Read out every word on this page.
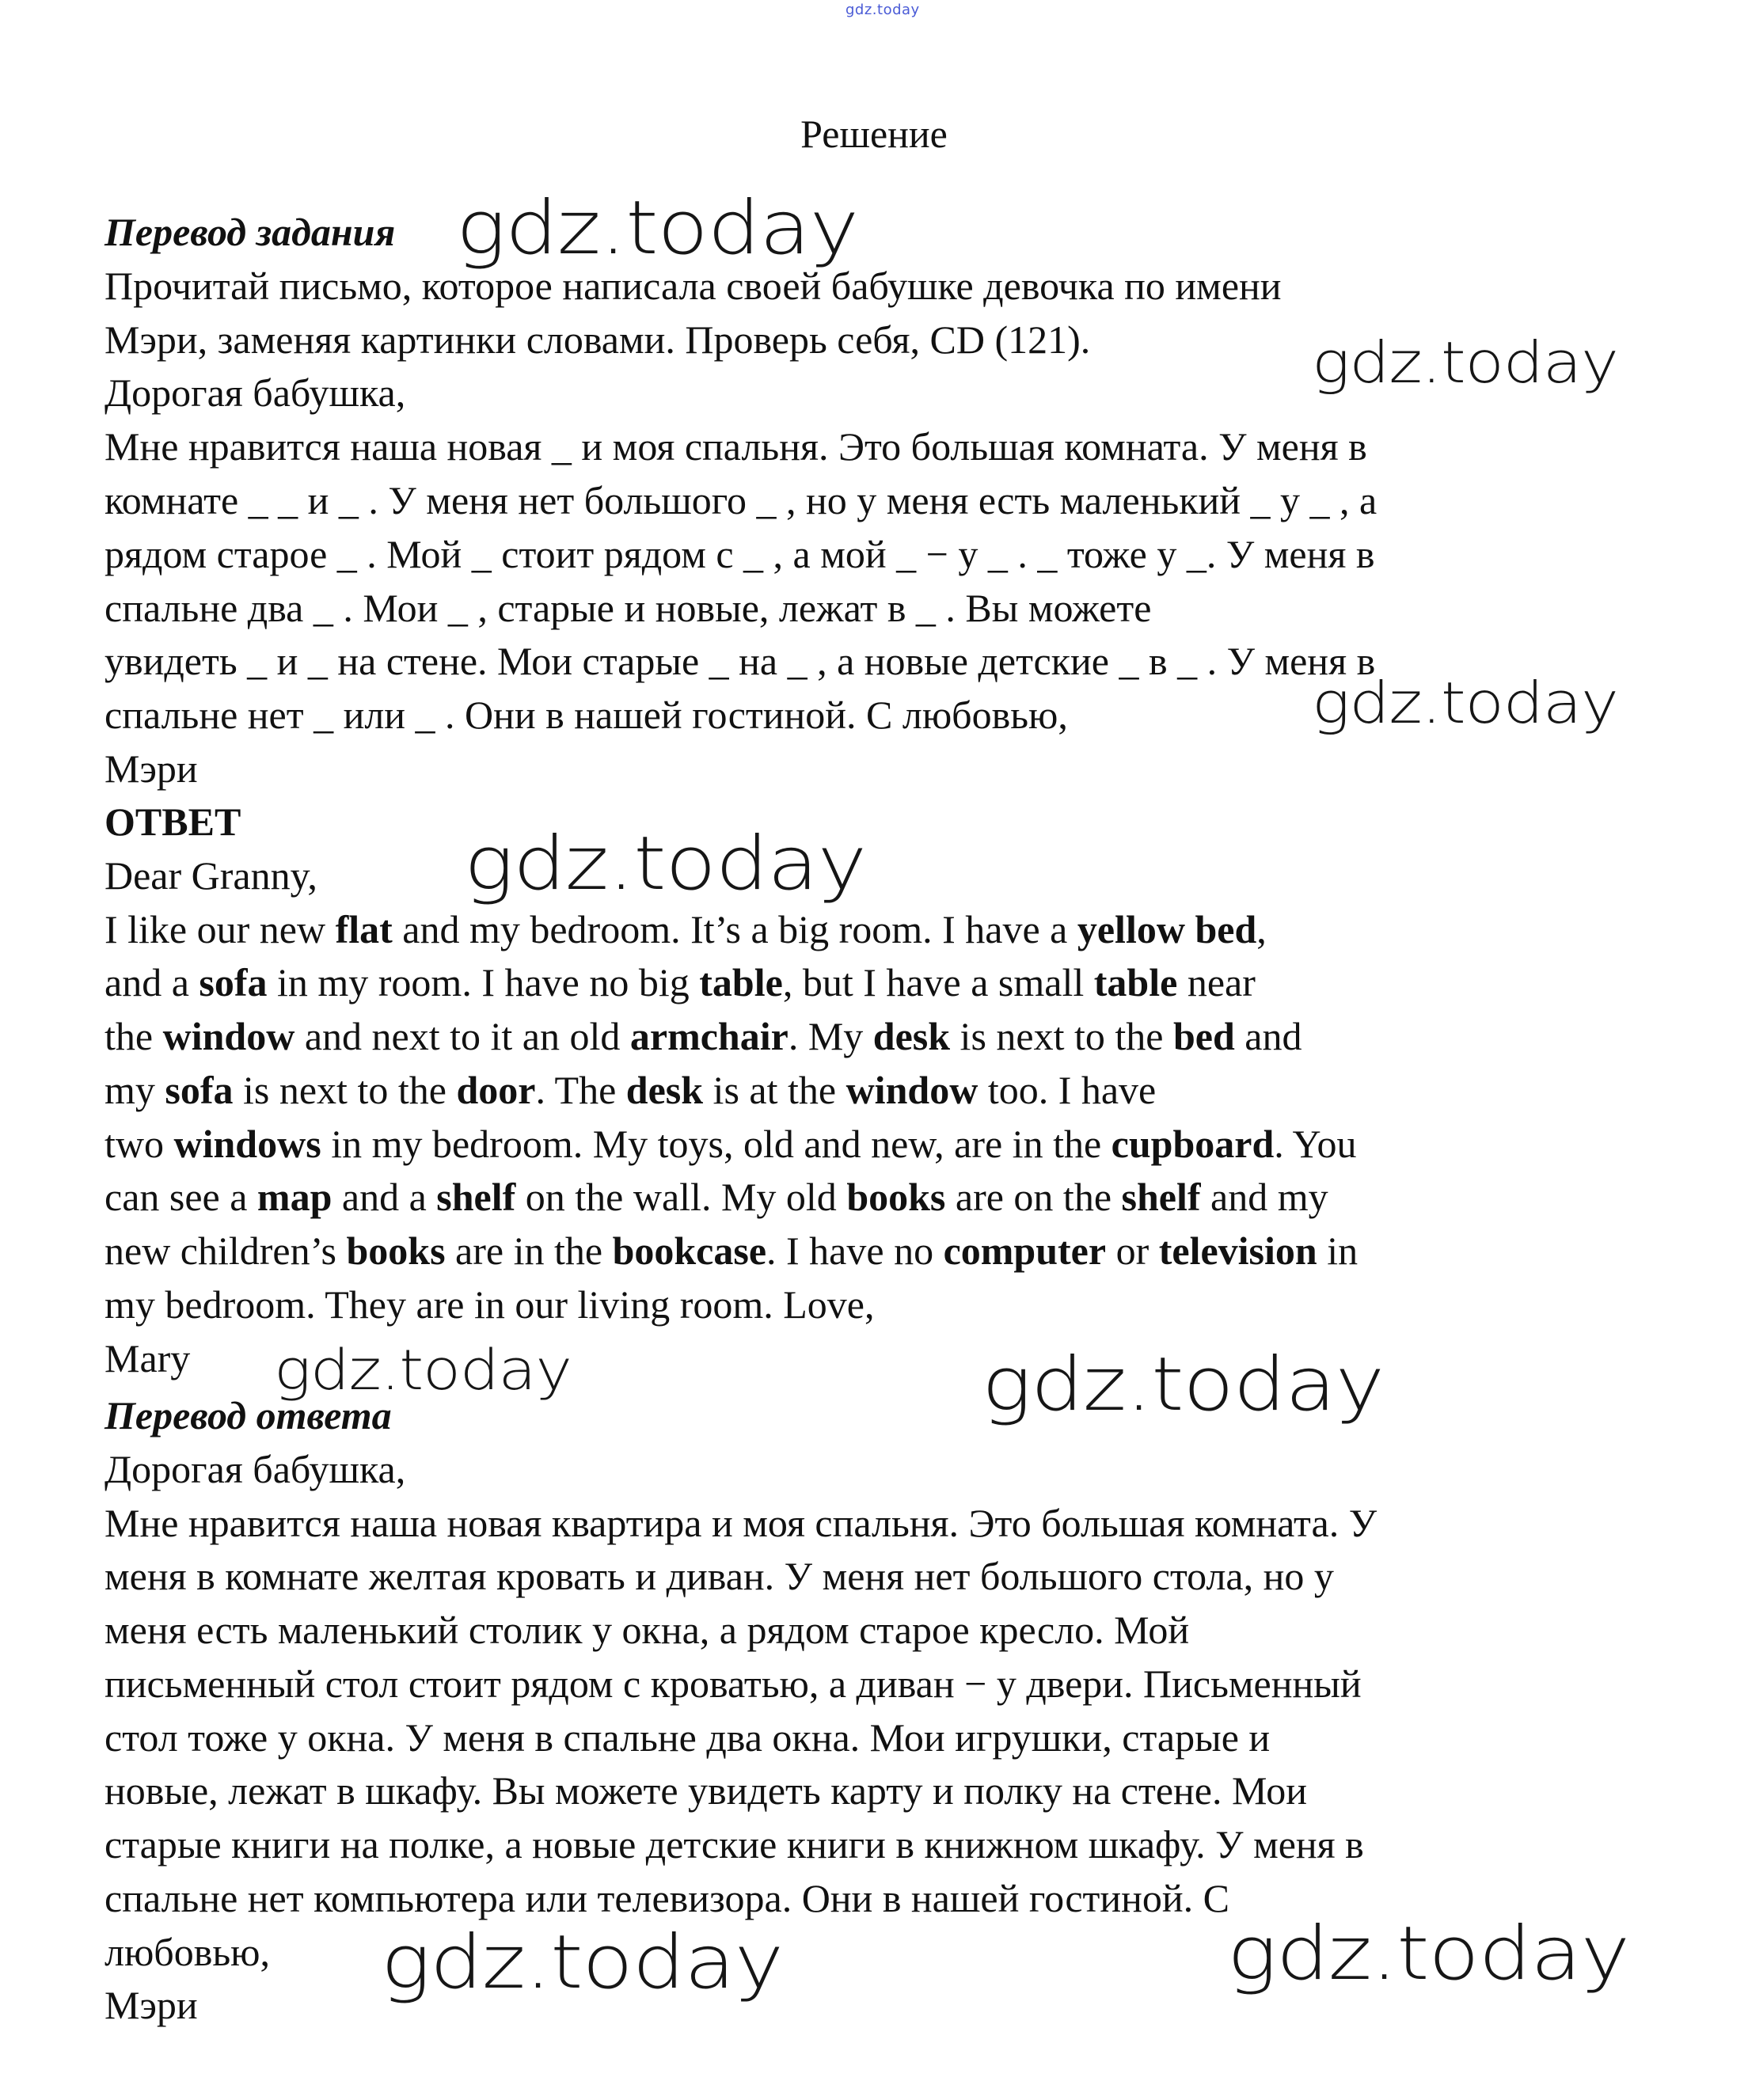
gdz.today
Решение
Перевод задания
Прочитай письмо, которое написала своей бабушке девочка по имени
Мэри, заменяя картинки словами. Проверь себя, CD (121).
Дорогая бабушка,
Мне нравится наша новая _ и моя спальня. Это большая комната. У меня в
комнате _ _ и _ . У меня нет большого _ , но у меня есть маленький _ у _ , а
рядом старое _ . Мой _ стоит рядом с _ , а мой _ − у _ . _ тоже у _. У меня в
спальне два _ . Мои _ , старые и новые, лежат в _ . Вы можете
увидеть _ и _ на стене. Мои старые _ на _ , а новые детские _ в _ . У меня в
спальне нет _ или _ . Они в нашей гостиной. С любовью,
Мэри
ОТВЕТ
Dear Granny,
I like our new flat and my bedroom. It’s a big room. I have a yellow bed,
and a sofa in my room. I have no big table, but I have a small table near
the window and next to it an old armchair. My desk is next to the bed and
my sofa is next to the door. The desk is at the window too. I have
two windows in my bedroom. My toys, old and new, are in the cupboard. You
can see a map and a shelf on the wall. My old books are on the shelf and my
new children’s books are in the bookcase. I have no computer or television in
my bedroom. They are in our living room. Love,
Mary
Перевод ответа
Дорогая бабушка,
Мне нравится наша новая квартира и моя спальня. Это большая комната. У
меня в комнате желтая кровать и диван. У меня нет большого стола, но у
меня есть маленький столик у окна, а рядом старое кресло. Мой
письменный стол стоит рядом с кроватью, а диван − у двери. Письменный
стол тоже у окна. У меня в спальне два окна. Мои игрушки, старые и
новые, лежат в шкафу. Вы можете увидеть карту и полку на стене. Мои
старые книги на полке, а новые детские книги в книжном шкафу. У меня в
спальне нет компьютера или телевизора. Они в нашей гостиной. С
любовью,
Мэри
gdz.today
gdz.today
gdz.today
gdz.today
gdz.today	gdz.today
gdz.today	gdz.today
